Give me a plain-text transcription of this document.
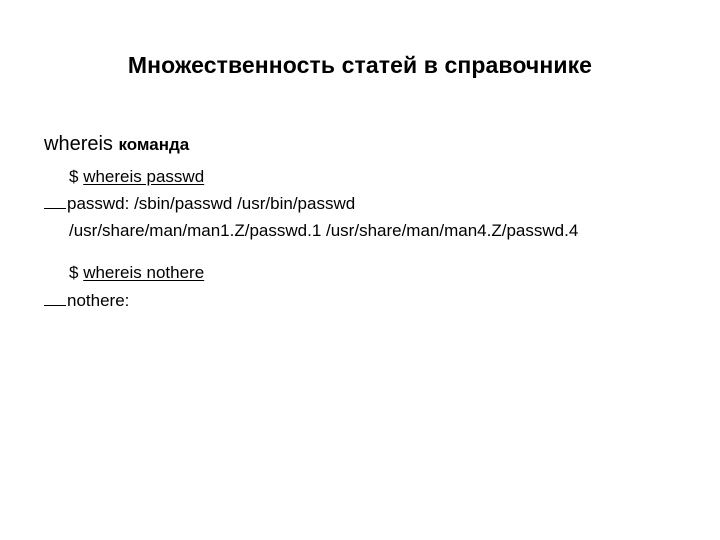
Множественность статей в справочнике
whereis команда
$ whereis passwd
passwd: /sbin/passwd /usr/bin/passwd
/usr/share/man/man1.Z/passwd.1 /usr/share/man/man4.Z/passwd.4
$ whereis nothere
nothere:
